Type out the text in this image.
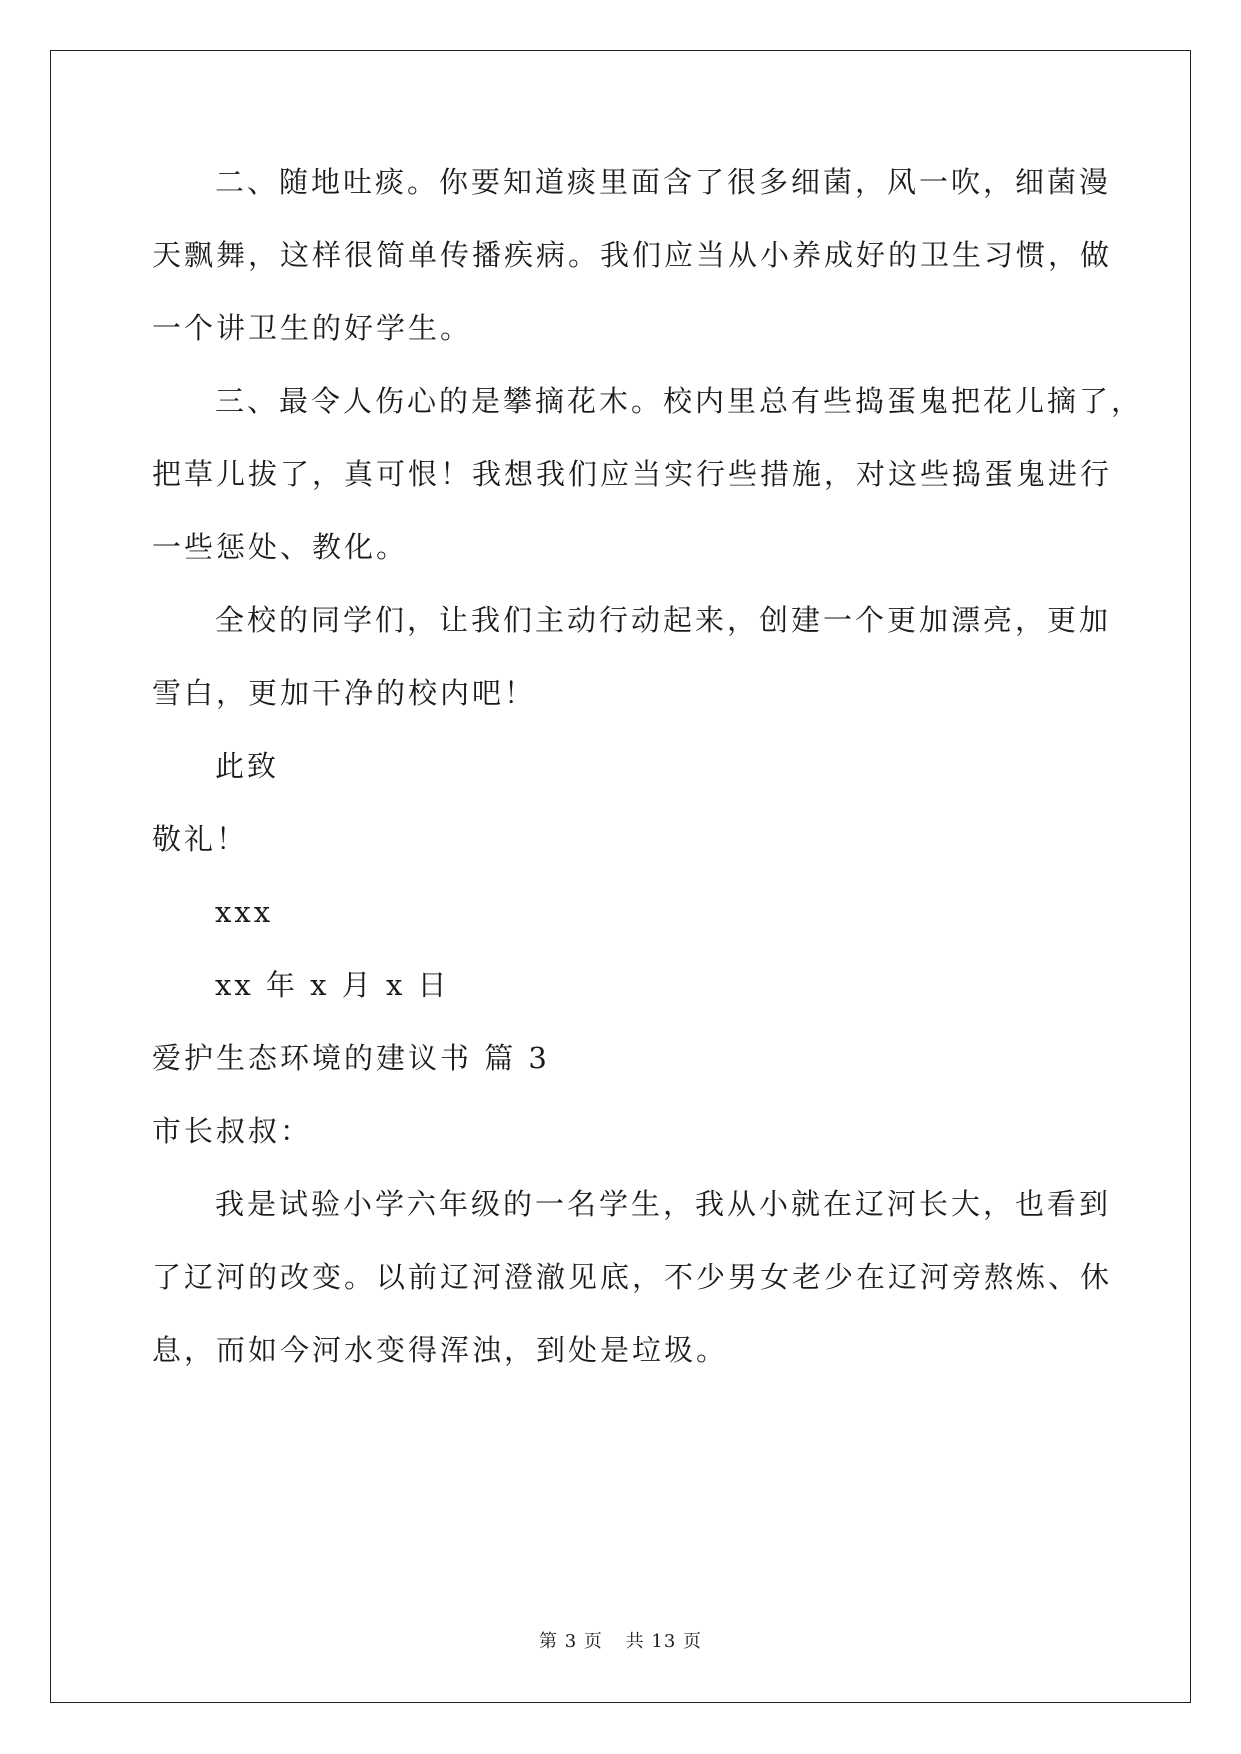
二、随地吐痰。你要知道痰里面含了很多细菌，风一吹，细菌漫
天飘舞，这样很简单传播疾病。我们应当从小养成好的卫生习惯，做
一个讲卫生的好学生。
三、最令人伤心的是攀摘花木。校内里总有些捣蛋鬼把花儿摘了，
把草儿拔了，真可恨！我想我们应当实行些措施，对这些捣蛋鬼进行
一些惩处、教化。
全校的同学们，让我们主动行动起来，创建一个更加漂亮，更加
雪白，更加干净的校内吧！
此致
敬礼！
xxx
xx 年 x 月 x 日
爱护生态环境的建议书 篇 3
市长叔叔：
我是试验小学六年级的一名学生，我从小就在辽河长大，也看到
了辽河的改变。以前辽河澄澈见底，不少男女老少在辽河旁熬炼、休
息，而如今河水变得浑浊，到处是垃圾。
第 3 页 共 13 页
